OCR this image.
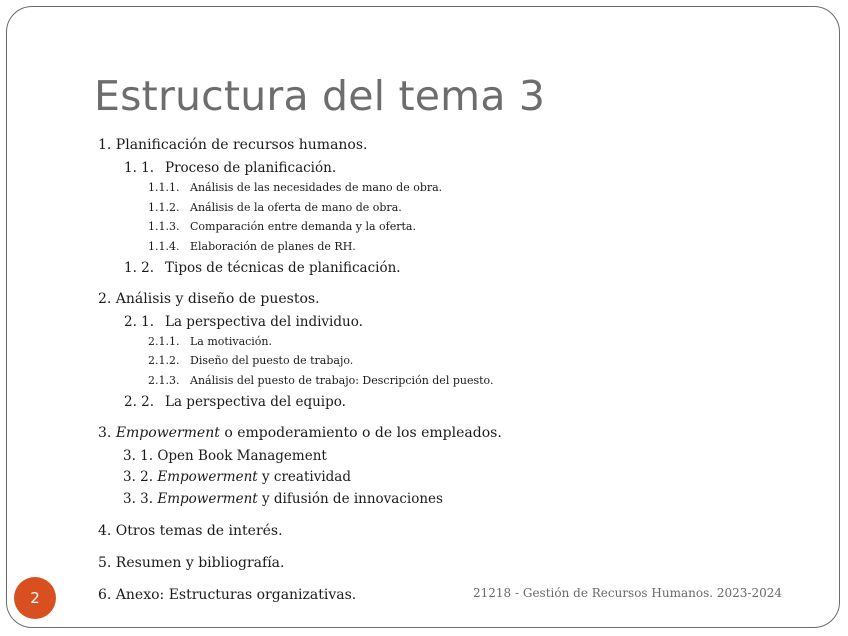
Estructura del tema 3
1. Planificación de recursos humanos.
1. 1. Proceso de planificación.
1.1.1. Análisis de las necesidades de mano de obra.
1.1.2. Análisis de la oferta de mano de obra.
1.1.3. Comparación entre demanda y la oferta.
1.1.4. Elaboración de planes de RH.
1. 2. Tipos de técnicas de planificación.
2. Análisis y diseño de puestos.
2. 1. La perspectiva del individuo.
2.1.1. La motivación.
2.1.2. Diseño del puesto de trabajo.
2.1.3. Análisis del puesto de trabajo: Descripción del puesto.
2. 2. La perspectiva del equipo.
3. Empowerment o empoderamiento o de los empleados.
3. 1. Open Book Management
3. 2. Empowerment y creatividad
3. 3. Empowerment y difusión de innovaciones
4. Otros temas de interés.
5. Resumen y bibliografía.
6. Anexo: Estructuras organizativas.	21218 - Gestión de Recursos Humanos. 2023-2024
2
